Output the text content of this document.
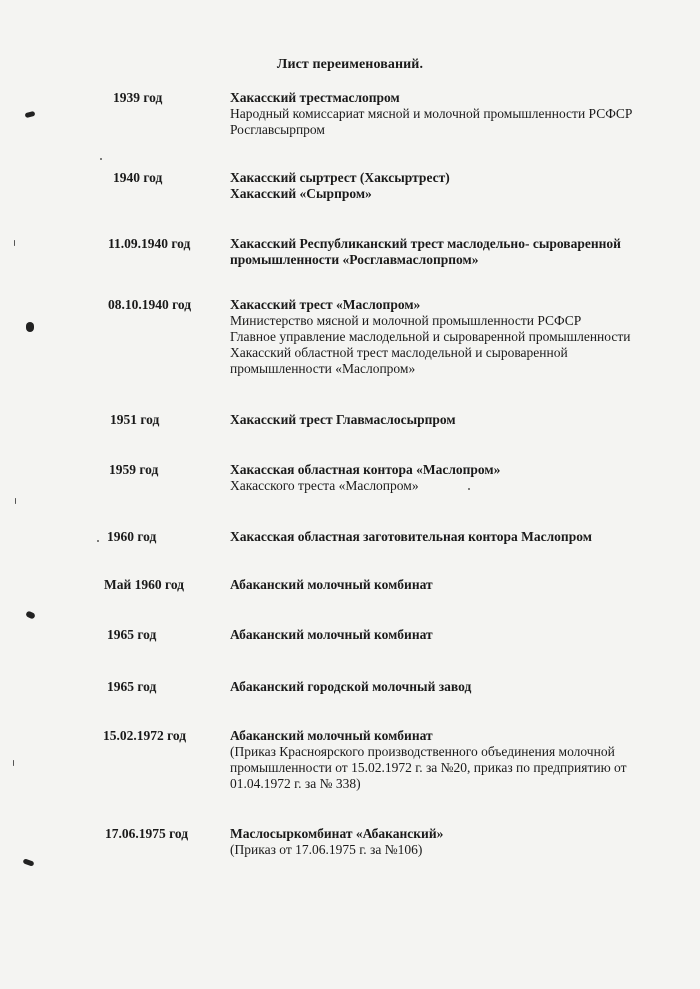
Лист переименований.
1939 год	Хакасский трестмаслопром
Народный комиссариат мясной и молочной промышленности РСФСР
Росглавсырпром
1940 год	Хакасский сыртрест (Хаксыртрест)
Хакасский «Сырпром»
11.09.1940 год	Хакасский Республиканский трест маслодельно- сыроваренной
промышленности «Росглавмаслопрпом»
08.10.1940 год	Хакасский трест «Маслопром»
Министерство мясной и молочной промышленности РСФСР
Главное управление маслодельной и сыроваренной промышленности
Хакасский областной трест маслодельной и сыроваренной
промышленности «Маслопром»
1951 год	Хакасский трест Главмаслосырпром
1959 год	Хакасская областная контора «Маслопром»
Хакасского треста «Маслопром»
1960 год	Хакасская областная заготовительная контора Маслопром
Май 1960 год	Абаканский молочный комбинат
1965 год	Абаканский молочный комбинат
1965 год	Абаканский городской молочный завод
15.02.1972 год	Абаканский молочный комбинат
(Приказ Красноярского производственного объединения молочной
промышленности от 15.02.1972 г. за №20, приказ по предприятию от
01.04.1972 г. за № 338)
17.06.1975 год	Маслосыркомбинат «Абаканский»
(Приказ от 17.06.1975 г. за №106)
